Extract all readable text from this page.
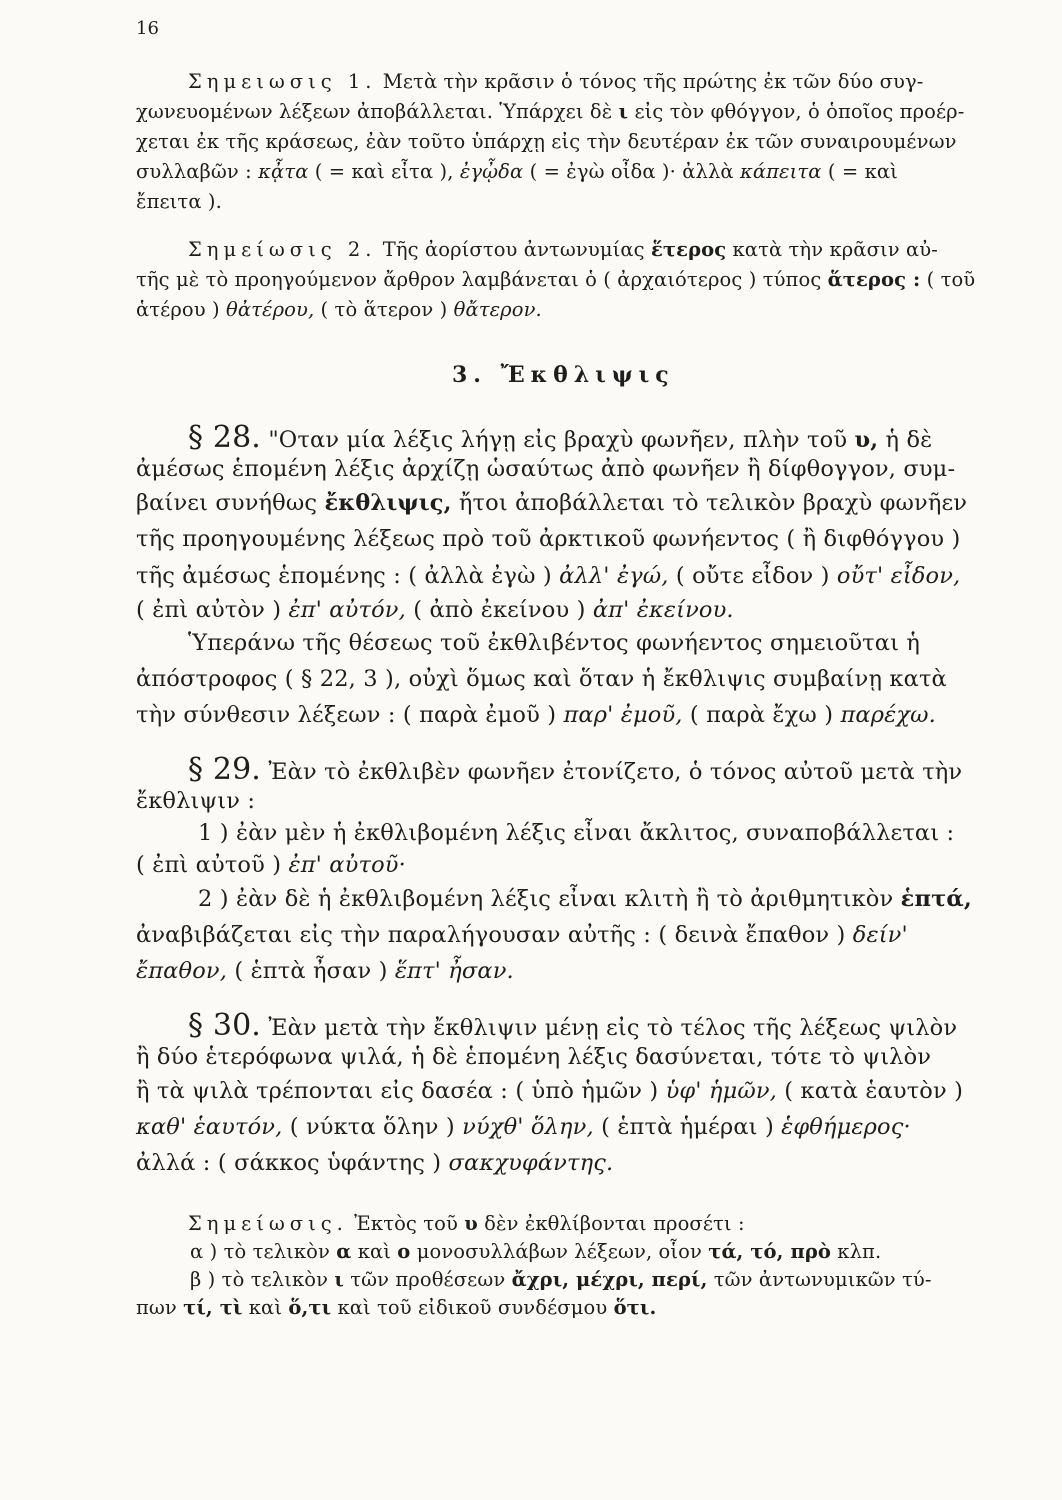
16
Σημειωσις 1. Μετὰ τὴν κρᾶσιν ὁ τόνος τῆς πρώτης ἐκ τῶν δύο συγ-
χωνευομένων λέξεων ἀποβάλλεται. Ὑπάρχει δὲ ι εἰς τὸν φθόγγον, ὁ ὁποῖος προέρ-
χεται ἐκ τῆς κράσεως, ἐὰν τοῦτο ὑπάρχῃ εἰς τὴν δευτέραν ἐκ τῶν συναιρουμένων
συλλαβῶν : κᾆτα ( = καὶ εἶτα ), ἐγᾦδα ( = ἐγὼ οἶδα )· ἀλλὰ κάπειτα ( = καὶ
ἔπειτα ).
Σημείωσις 2. Τῆς ἀορίστου ἀντωνυμίας ἕτερος κατὰ τὴν κρᾶσιν αὐ-
τῆς μὲ τὸ προηγούμενον ἄρθρον λαμβάνεται ὁ ( ἀρχαιότερος ) τύπος ἅτερος : ( τοῦ
ἁτέρου ) θἀτέρου, ( τὸ ἅτερον ) θἄτερον.
3. Ἔκθλιψις
§ 28. "Οταν μία λέξις λήγῃ εἰς βραχὺ φωνῆεν, πλὴν τοῦ υ, ἡ δὲ
ἀμέσως ἑπομένη λέξις ἀρχίζῃ ὡσαύτως ἀπὸ φωνῆεν ἢ δίφθογγον, συμ-
βαίνει συνήθως ἔκθλιψις, ἤτοι ἀποβάλλεται τὸ τελικὸν βραχὺ φωνῆεν
τῆς προηγουμένης λέξεως πρὸ τοῦ ἀρκτικοῦ φωνήεντος ( ἢ διφθόγγου )
τῆς ἀμέσως ἑπομένης : ( ἀλλὰ ἐγὼ ) ἀλλ' ἐγώ, ( οὔτε εἶδον ) οὔτ' εἶδον,
( ἐπὶ αὐτὸν ) ἐπ' αὐτόν, ( ἀπὸ ἐκείνου ) ἀπ' ἐκείνου.
Ὑπεράνω τῆς θέσεως τοῦ ἐκθλιβέντος φωνήεντος σημειοῦται ἡ
ἀπόστροφος ( § 22, 3 ), οὐχὶ ὅμως καὶ ὅταν ἡ ἔκθλιψις συμβαίνῃ κατὰ
τὴν σύνθεσιν λέξεων : ( παρὰ ἐμοῦ ) παρ' ἐμοῦ, ( παρὰ ἔχω ) παρέχω.
§ 29. Ἐὰν τὸ ἐκθλιβὲν φωνῆεν ἐτονίζετο, ὁ τόνος αὐτοῦ μετὰ τὴν
ἔκθλιψιν :
1 ) ἐὰν μὲν ἡ ἐκθλιβομένη λέξις εἶναι ἄκλιτος, συναποβάλλεται :
( ἐπὶ αὐτοῦ ) ἐπ' αὐτοῦ·
2 ) ἐὰν δὲ ἡ ἐκθλιβομένη λέξις εἶναι κλιτὴ ἢ τὸ ἀριθμητικὸν ἑπτά,
ἀναβιβάζεται εἰς τὴν παραλήγουσαν αὐτῆς : ( δεινὰ ἔπαθον ) δείν'
ἔπαθον, ( ἑπτὰ ἦσαν ) ἕπτ' ἦσαν.
§ 30. Ἐὰν μετὰ τὴν ἔκθλιψιν μένῃ εἰς τὸ τέλος τῆς λέξεως ψιλὸν
ἢ δύο ἑτερόφωνα ψιλά, ἡ δὲ ἑπομένη λέξις δασύνεται, τότε τὸ ψιλὸν
ἢ τὰ ψιλὰ τρέπονται εἰς δασέα : ( ὑπὸ ἡμῶν ) ὑφ' ἡμῶν, ( κατὰ ἑαυτὸν )
καθ' ἑαυτόν, ( νύκτα ὅλην ) νύχθ' ὅλην, ( ἑπτὰ ἡμέραι ) ἑφθήμερος·
ἀλλά : ( σάκκος ὑφάντης ) σακχυφάντης.
Σημείωσις. Ἐκτὸς τοῦ υ δὲν ἐκθλίβονται προσέτι :
α ) τὸ τελικὸν α καὶ ο μονοσυλλάβων λέξεων, οἷον τά, τό, πρὸ κλπ.
β ) τὸ τελικὸν ι τῶν προθέσεων ἄχρι, μέχρι, περί, τῶν ἀντωνυμικῶν τύ-
πων τί, τὶ καὶ ὅ,τι καὶ τοῦ εἰδικοῦ συνδέσμου ὅτι.
